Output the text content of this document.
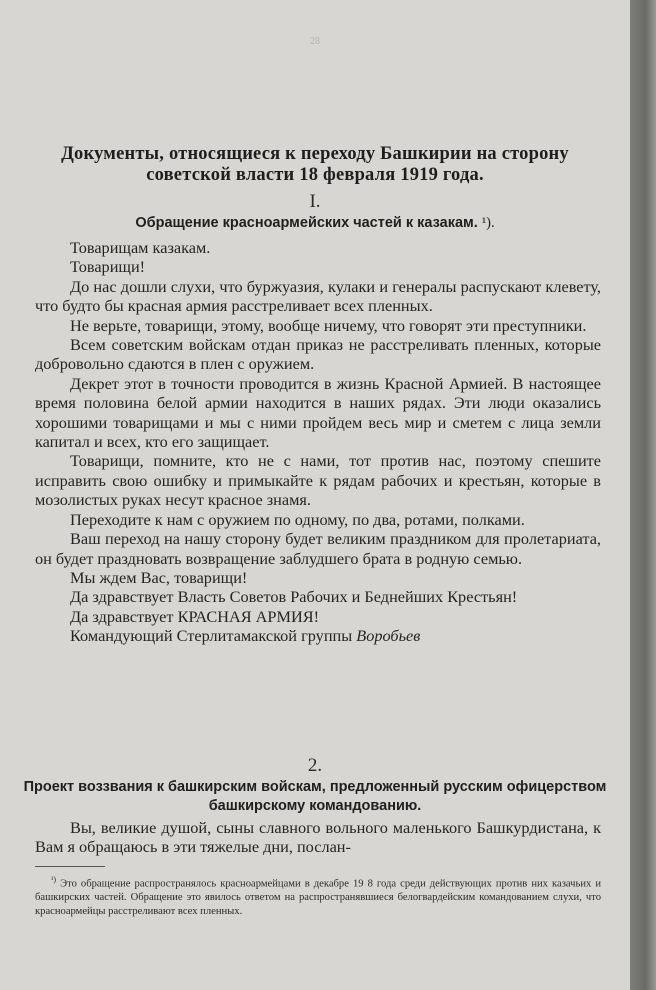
28
Документы, относящиеся к переходу Башкирии на сторону советской власти 18 февраля 1919 года.
I.
Обращение красноармейских частей к казакам. ¹).

Товарищам казакам.

Товарищи!

До нас дошли слухи, что буржуазия, кулаки и генералы распускают клевету, что будто бы красная армия расстреливает всех пленных.

Не верьте, товарищи, этому, вообще ничему, что говорят эти преступники.

Всем советским войскам отдан приказ не расстреливать пленных, которые добровольно сдаются в плен с оружием.

Декрет этот в точности проводится в жизнь Красной Армией. В настоящее время половина белой армии находится в наших рядах. Эти люди оказались хорошими товарищами и мы с ними пройдем весь мир и сметем с лица земли капитал и всех, кто его защищает.

Товарищи, помните, кто не с нами, тот против нас, поэтому спешите исправить свою ошибку и примыкайте к рядам рабочих и крестьян, которые в мозолистых руках несут красное знамя.

Переходите к нам с оружием по одному, по два, ротами, полками.

Ваш переход на нашу сторону будет великим праздником для пролетариата, он будет праздновать возвращение заблудшего брата в родную семью.

Мы ждем Вас, товарищи!

Да здравствует Власть Советов Рабочих и Беднейших Крестьян!

Да здравствует КРАСНАЯ АРМИЯ!

Командующий Стерлитамакской группы Воробьев

2.
Проект воззвания к башкирским войскам, предложенный русским офицерством башкирскому командованию.

Вы, великие душой, сыны славного вольного маленького Башкурдистана, к Вам я обращаюсь в эти тяжелые дни, послан-

$^{^1)}$ Это обращение распространялось красноармейцами в декабре 19 8 года среди действующих против них казачьих и башкирских частей. Обращение это явилось ответом на распространявшиеся белогвардейским командованием слухи, что красноармейцы расстреливают всех пленных.
